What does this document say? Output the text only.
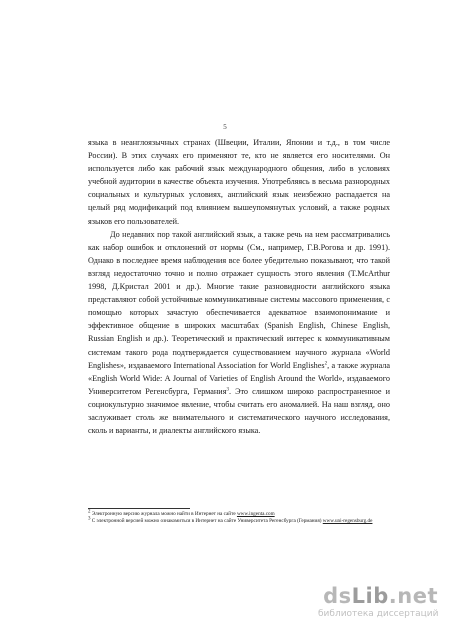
5

языка в неанглоязычных странах (Швеции, Италии, Японии и т.д., в том числе России). В этих случаях его применяют те, кто не является его носителями. Он используется либо как рабочий язык международного общения, либо в условиях учебной аудитории в качестве объекта изучения. Употребляясь в весьма разнородных социальных и культурных условиях, английский язык неизбежно распадается на целый ряд модификаций под влиянием вышеупомянутых условий, а также родных языков его пользователей.

До недавних пор такой английский язык, а также речь на нем рассматривались как набор ошибок и отклонений от нормы (См., например, Г.В.Рогова и др. 1991). Однако в последнее время наблюдения все более убедительно показывают, что такой взгляд недостаточно точно и полно отражает сущность этого явления (T.McArthur 1998, Д.Кристал 2001 и др.). Многие такие разновидности английского языка представляют собой устойчивые коммуникативные системы массового применения, с помощью которых зачастую обеспечивается адекватное взаимопонимание и эффективное общение в широких масштабах (Spanish English, Chinese English, Russian English и др.). Теоретический и практический интерес к коммуникативным системам такого рода подтверждается существованием научного журнала «World Englishes», издаваемого International Association for World Englishes$^2$, а также журнала «English World Wide: A Journal of Varieties of English Around the World», издаваемого Университетом Регенсбурга, Германия$^3$. Это слишком широко распространенное и социокультурно значимое явление, чтобы считать его аномалией. На наш взгляд, оно заслуживает столь же внимательного и систематического научного исследования, сколь и варианты, и диалекты английского языка.

$^2$ Электронную версию журнала можно найти в Интернет на сайте www.ingenta.com

$^3$ С электронной версией можно ознакомиться в Интернет на сайте Университета Регенсбурга (Германия) www.uni-regensburg.de

dsLib.net
библиотека диссертаций
